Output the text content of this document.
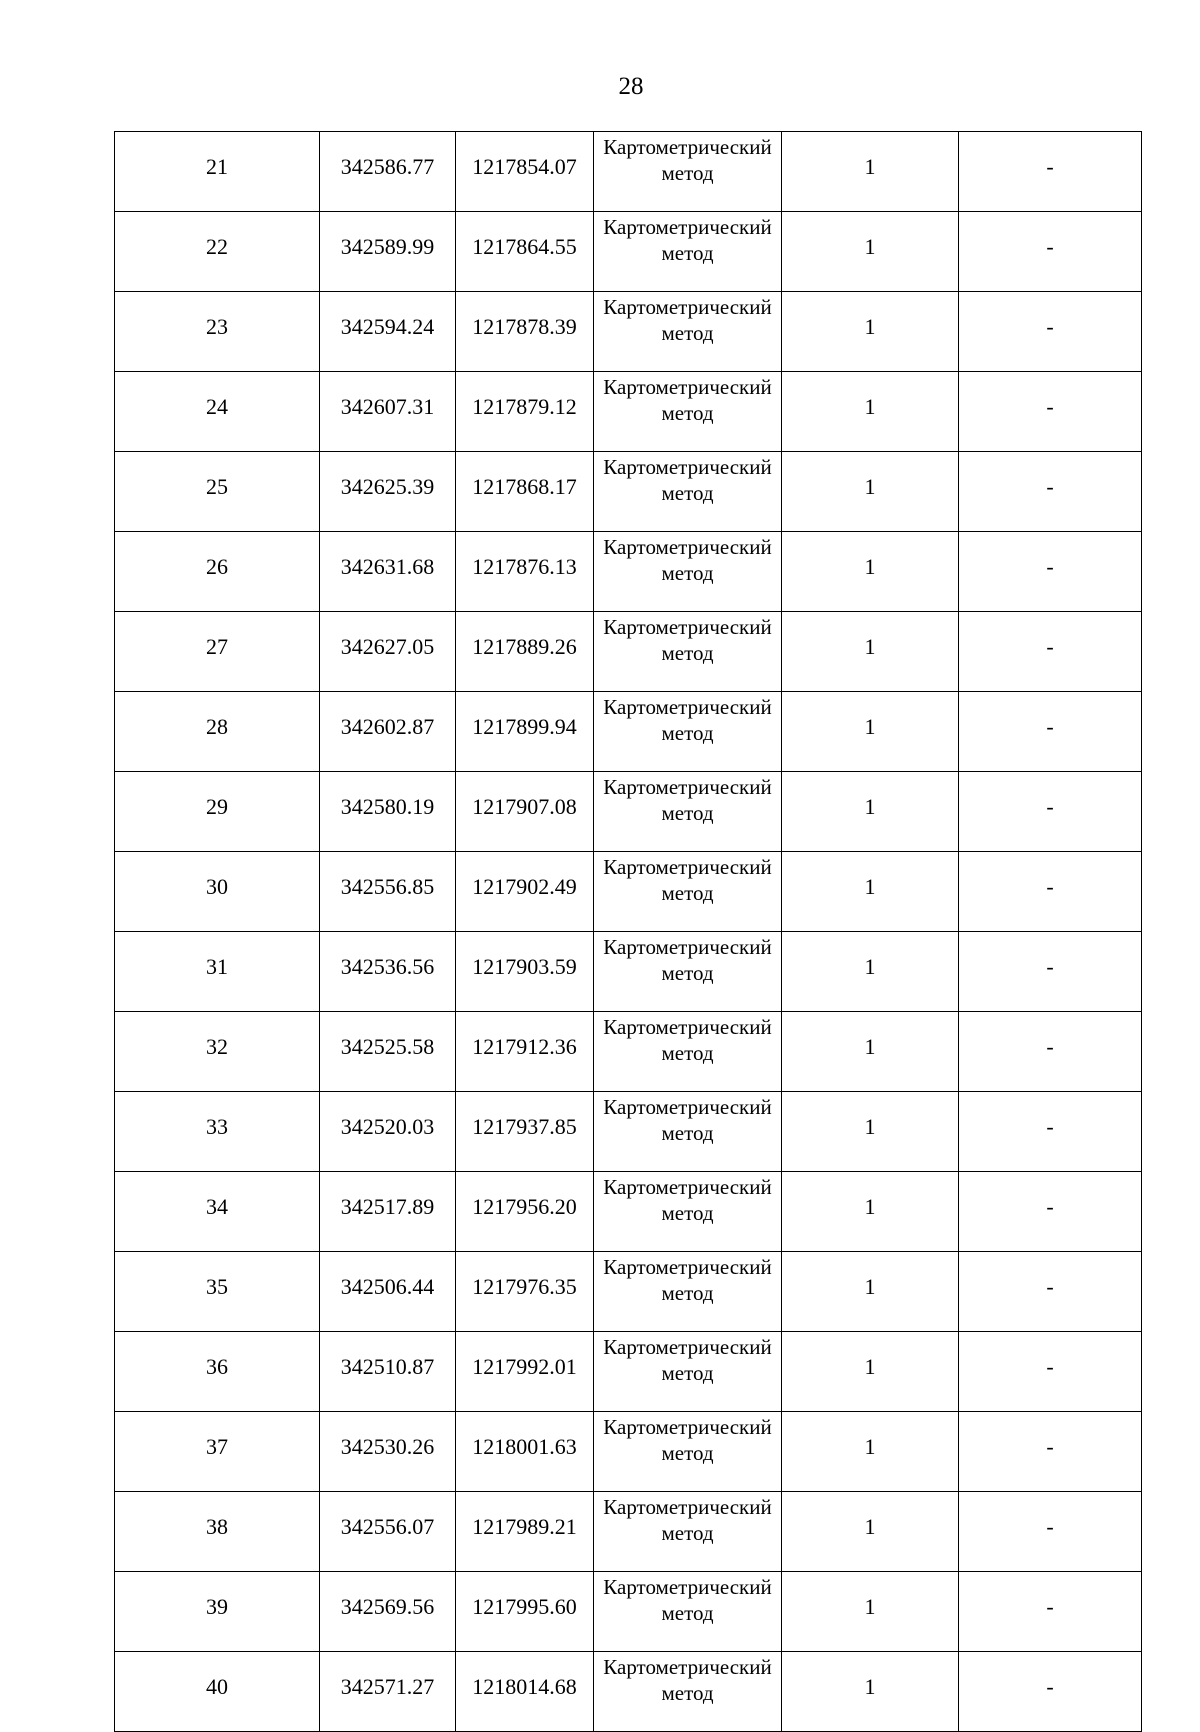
28
21	342586.77	1217854.07	Картометрический метод	1	-
22	342589.99	1217864.55	Картометрический метод	1	-
23	342594.24	1217878.39	Картометрический метод	1	-
24	342607.31	1217879.12	Картометрический метод	1	-
25	342625.39	1217868.17	Картометрический метод	1	-
26	342631.68	1217876.13	Картометрический метод	1	-
27	342627.05	1217889.26	Картометрический метод	1	-
28	342602.87	1217899.94	Картометрический метод	1	-
29	342580.19	1217907.08	Картометрический метод	1	-
30	342556.85	1217902.49	Картометрический метод	1	-
31	342536.56	1217903.59	Картометрический метод	1	-
32	342525.58	1217912.36	Картометрический метод	1	-
33	342520.03	1217937.85	Картометрический метод	1	-
34	342517.89	1217956.20	Картометрический метод	1	-
35	342506.44	1217976.35	Картометрический метод	1	-
36	342510.87	1217992.01	Картометрический метод	1	-
37	342530.26	1218001.63	Картометрический метод	1	-
38	342556.07	1217989.21	Картометрический метод	1	-
39	342569.56	1217995.60	Картометрический метод	1	-
40	342571.27	1218014.68	Картометрический метод	1	-
